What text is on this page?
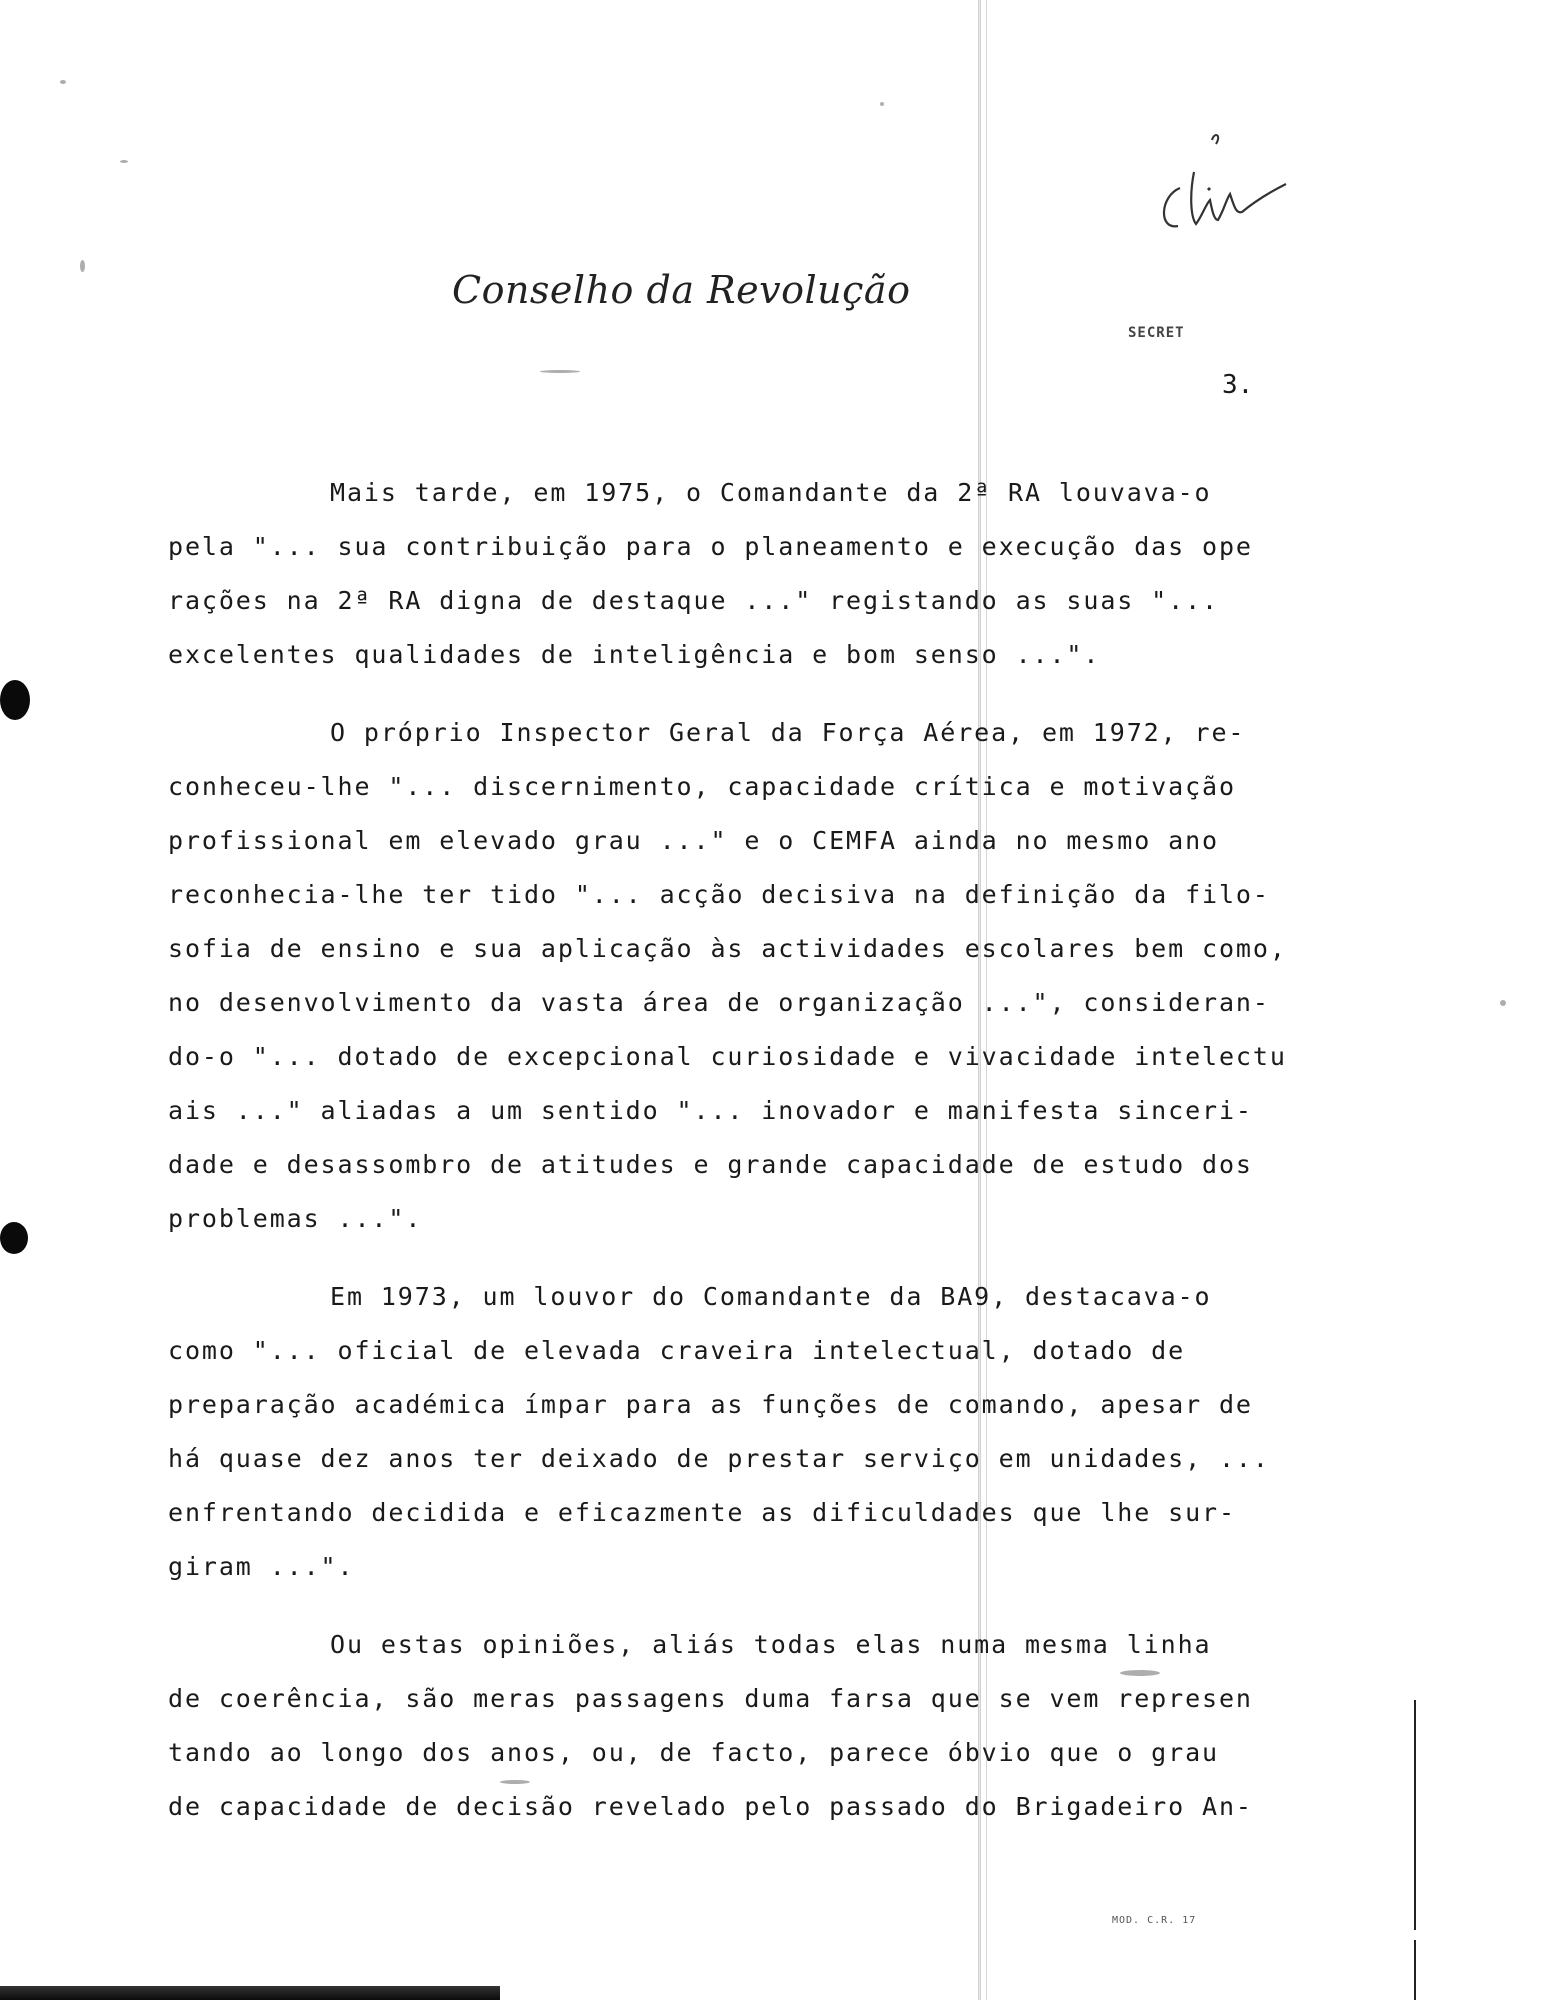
Conselho da Revolução
SECRET
3.
Mais tarde, em 1975, o Comandante da 2ª RA louvava-o
pela "... sua contribuição para o planeamento e execução das ope
rações na 2ª RA digna de destaque ..." registando as suas "...
excelentes qualidades de inteligência e bom senso ...".
O próprio Inspector Geral da Força Aérea, em 1972, re-
conheceu-lhe "... discernimento, capacidade crítica e motivação
profissional em elevado grau ..." e o CEMFA ainda no mesmo ano
reconhecia-lhe ter tido "... acção decisiva na definição da filo-
sofia de ensino e sua aplicação às actividades escolares bem como,
no desenvolvimento da vasta área de organização ...", consideran-
do-o "... dotado de excepcional curiosidade e vivacidade intelectu
ais ..." aliadas a um sentido "... inovador e manifesta sinceri-
dade e desassombro de atitudes e grande capacidade de estudo dos
problemas ...".
Em 1973, um louvor do Comandante da BA9, destacava-o
como "... oficial de elevada craveira intelectual, dotado de
preparação académica ímpar para as funções de comando, apesar de
há quase dez anos ter deixado de prestar serviço em unidades, ...
enfrentando decidida e eficazmente as dificuldades que lhe sur-
giram ...".
Ou estas opiniões, aliás todas elas numa mesma linha
de coerência, são meras passagens duma farsa que se vem represen
tando ao longo dos anos, ou, de facto, parece óbvio que o grau
de capacidade de decisão revelado pelo passado do Brigadeiro An-
MOD. C.R. 17
